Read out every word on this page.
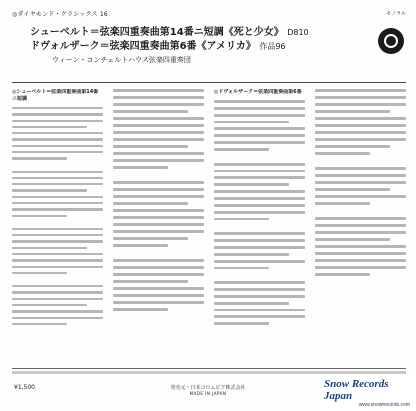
◎ダイヤモンド・クラシックス 16	モノラル
シューベルト＝弦楽四重奏曲第14番ニ短調《死と少女》 D810
ドヴォルザーク＝弦楽四重奏曲第6番《アメリカ》 作品96
ウィーン・コンチェルトハウス弦楽四重奏団
◎シューベルト＝弦楽四重奏曲第14番ニ短調
◎ドヴォルザーク＝弦楽四重奏曲第6番
¥1,500	発売元・日本コロムビア株式会社
MADE IN JAPAN
Snow Records Japan
www.snowrecords.com
